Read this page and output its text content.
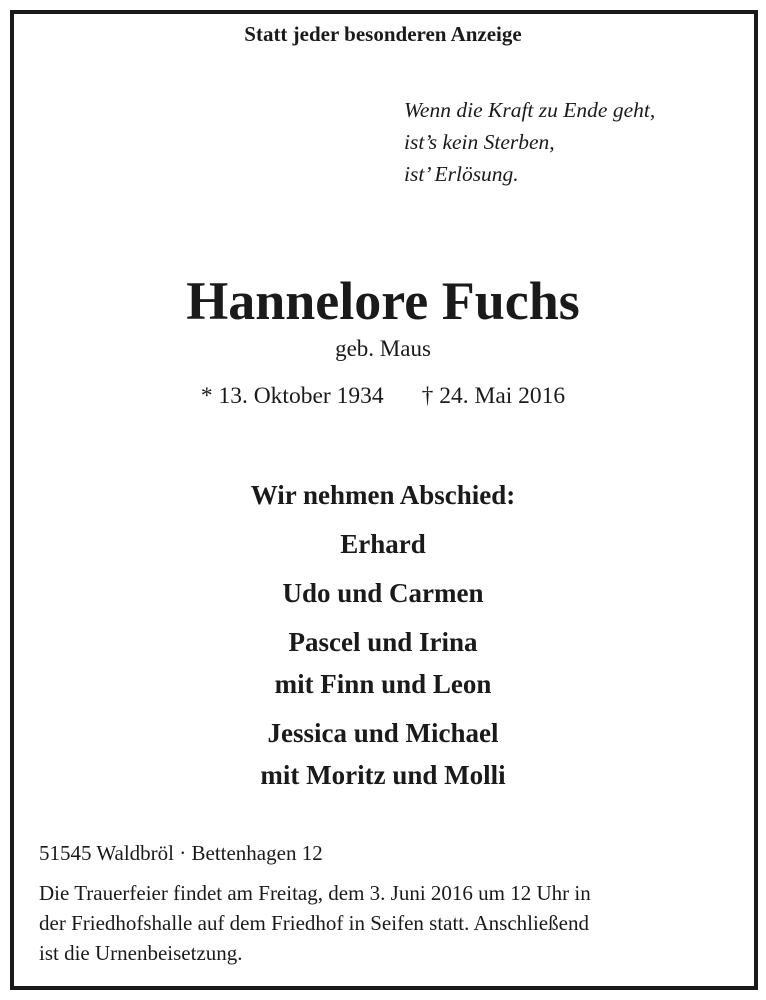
Statt jeder besonderen Anzeige
Wenn die Kraft zu Ende geht,
ist’s kein Sterben,
ist’ Erlösung.
Hannelore Fuchs
geb. Maus
* 13. Oktober 1934 † 24. Mai 2016
Wir nehmen Abschied:
Erhard
Udo und Carmen
Pascel und Irina
mit Finn und Leon
Jessica und Michael
mit Moritz und Molli
51545 Waldbröl · Bettenhagen 12
Die Trauerfeier findet am Freitag, dem 3. Juni 2016 um 12 Uhr in
der Friedhofshalle auf dem Friedhof in Seifen statt. Anschließend
ist die Urnenbeisetzung.
